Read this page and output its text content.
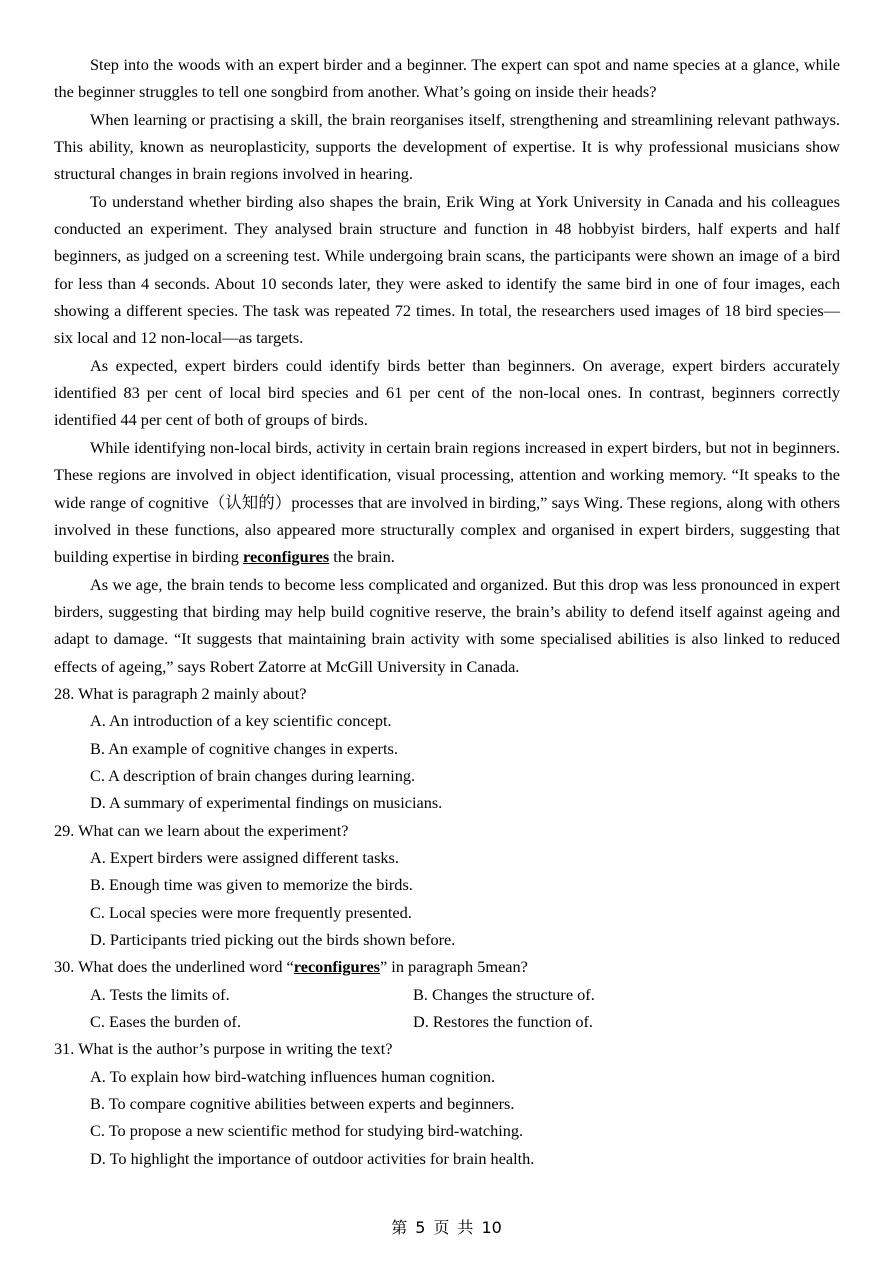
Step into the woods with an expert birder and a beginner. The expert can spot and name species at a glance, while the beginner struggles to tell one songbird from another. What’s going on inside their heads?

When learning or practising a skill, the brain reorganises itself, strengthening and streamlining relevant pathways. This ability, known as neuroplasticity, supports the development of expertise. It is why professional musicians show structural changes in brain regions involved in hearing.

To understand whether birding also shapes the brain, Erik Wing at York University in Canada and his colleagues conducted an experiment. They analysed brain structure and function in 48 hobbyist birders, half experts and half beginners, as judged on a screening test. While undergoing brain scans, the participants were shown an image of a bird for less than 4 seconds. About 10 seconds later, they were asked to identify the same bird in one of four images, each showing a different species. The task was repeated 72 times. In total, the researchers used images of 18 bird species—six local and 12 non-local—as targets.

As expected, expert birders could identify birds better than beginners. On average, expert birders accurately identified 83 per cent of local bird species and 61 per cent of the non-local ones. In contrast, beginners correctly identified 44 per cent of both of groups of birds.

While identifying non-local birds, activity in certain brain regions increased in expert birders, but not in beginners. These regions are involved in object identification, visual processing, attention and working memory. “It speaks to the wide range of cognitive（认知的）processes that are involved in birding,” says Wing. These regions, along with others involved in these functions, also appeared more structurally complex and organised in expert birders, suggesting that building expertise in birding reconfigures the brain.

As we age, the brain tends to become less complicated and organized. But this drop was less pronounced in expert birders, suggesting that birding may help build cognitive reserve, the brain’s ability to defend itself against ageing and adapt to damage. “It suggests that maintaining brain activity with some specialised abilities is also linked to reduced effects of ageing,” says Robert Zatorre at McGill University in Canada.

28. What is paragraph 2 mainly about?

A. An introduction of a key scientific concept.
B. An example of cognitive changes in experts.
C. A description of brain changes during learning.
D. A summary of experimental findings on musicians.

29. What can we learn about the experiment?

A. Expert birders were assigned different tasks.
B. Enough time was given to memorize the birds.
C. Local species were more frequently presented.
D. Participants tried picking out the birds shown before.

30. What does the underlined word “reconfigures” in paragraph 5mean?

A. Tests the limits of.	B. Changes the structure of.
C. Eases the burden of.	D. Restores the function of.

31. What is the author’s purpose in writing the text?

A. To explain how bird-watching influences human cognition.
B. To compare cognitive abilities between experts and beginners.
C. To propose a new scientific method for studying bird-watching.
D. To highlight the importance of outdoor activities for brain health.
第 5 页 共 10
